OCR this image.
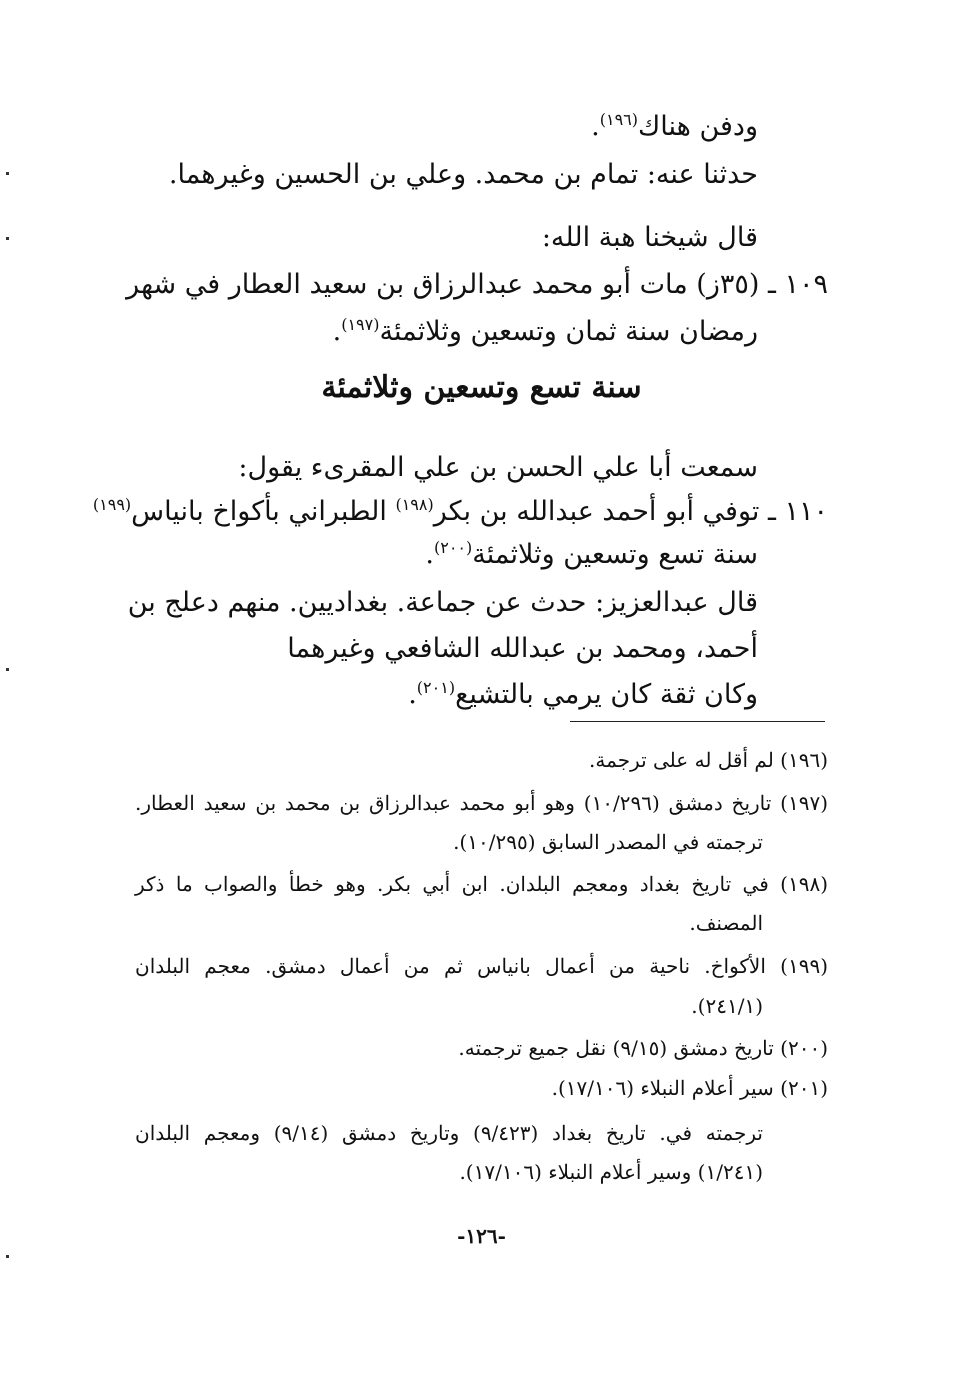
ودفن هناك$^{(١٩٦)}$.
حدثنا عنه: تمام بن محمد. وعلي بن الحسين وغيرهما.
قال شيخنا هبة الله:
١٠٩ ـ (٣٥ز) مات أبو محمد عبدالرزاق بن سعيد العطار في شهر
رمضان سنة ثمان وتسعين وثلاثمئة$^{(١٩٧)}$.
سنة تسع وتسعين وثلاثمئة
سمعت أبا علي الحسن بن علي المقرىء يقول:
١١٠ ـ توفي أبو أحمد عبدالله بن بكر$^{(١٩٨)}$ الطبراني بأكواخ بانياس$^{(١٩٩)}$
سنة تسع وتسعين وثلاثمئة$^{(٢٠٠)}$.
قال عبدالعزيز: حدث عن جماعة. بغداديين. منهم دعلج بن
أحمد، ومحمد بن عبدالله الشافعي وغيرهما
وكان ثقة كان يرمي بالتشيع$^{(٢٠١)}$.
(١٩٦) لم أقل له على ترجمة.
(١٩٧) تاريخ دمشق (١٠/٢٩٦) وهو أبو محمد عبدالرزاق بن محمد بن سعيد العطار.
ترجمته في المصدر السابق (١٠/٢٩٥).
(١٩٨) في تاريخ بغداد ومعجم البلدان. ابن أبي بكر. وهو خطأ والصواب ما ذكر
المصنف.
(١٩٩) الأكواخ. ناحية من أعمال بانياس ثم من أعمال دمشق. معجم البلدان
(٢٤١/١).
(٢٠٠) تاريخ دمشق (٩/١٥) نقل جميع ترجمته.
(٢٠١) سير أعلام النبلاء (١٧/١٠٦).
ترجمته في. تاريخ بغداد (٩/٤٢٣) وتاريخ دمشق (٩/١٤) ومعجم البلدان
(١/٢٤١) وسير أعلام النبلاء (١٧/١٠٦).
-١٢٦-
